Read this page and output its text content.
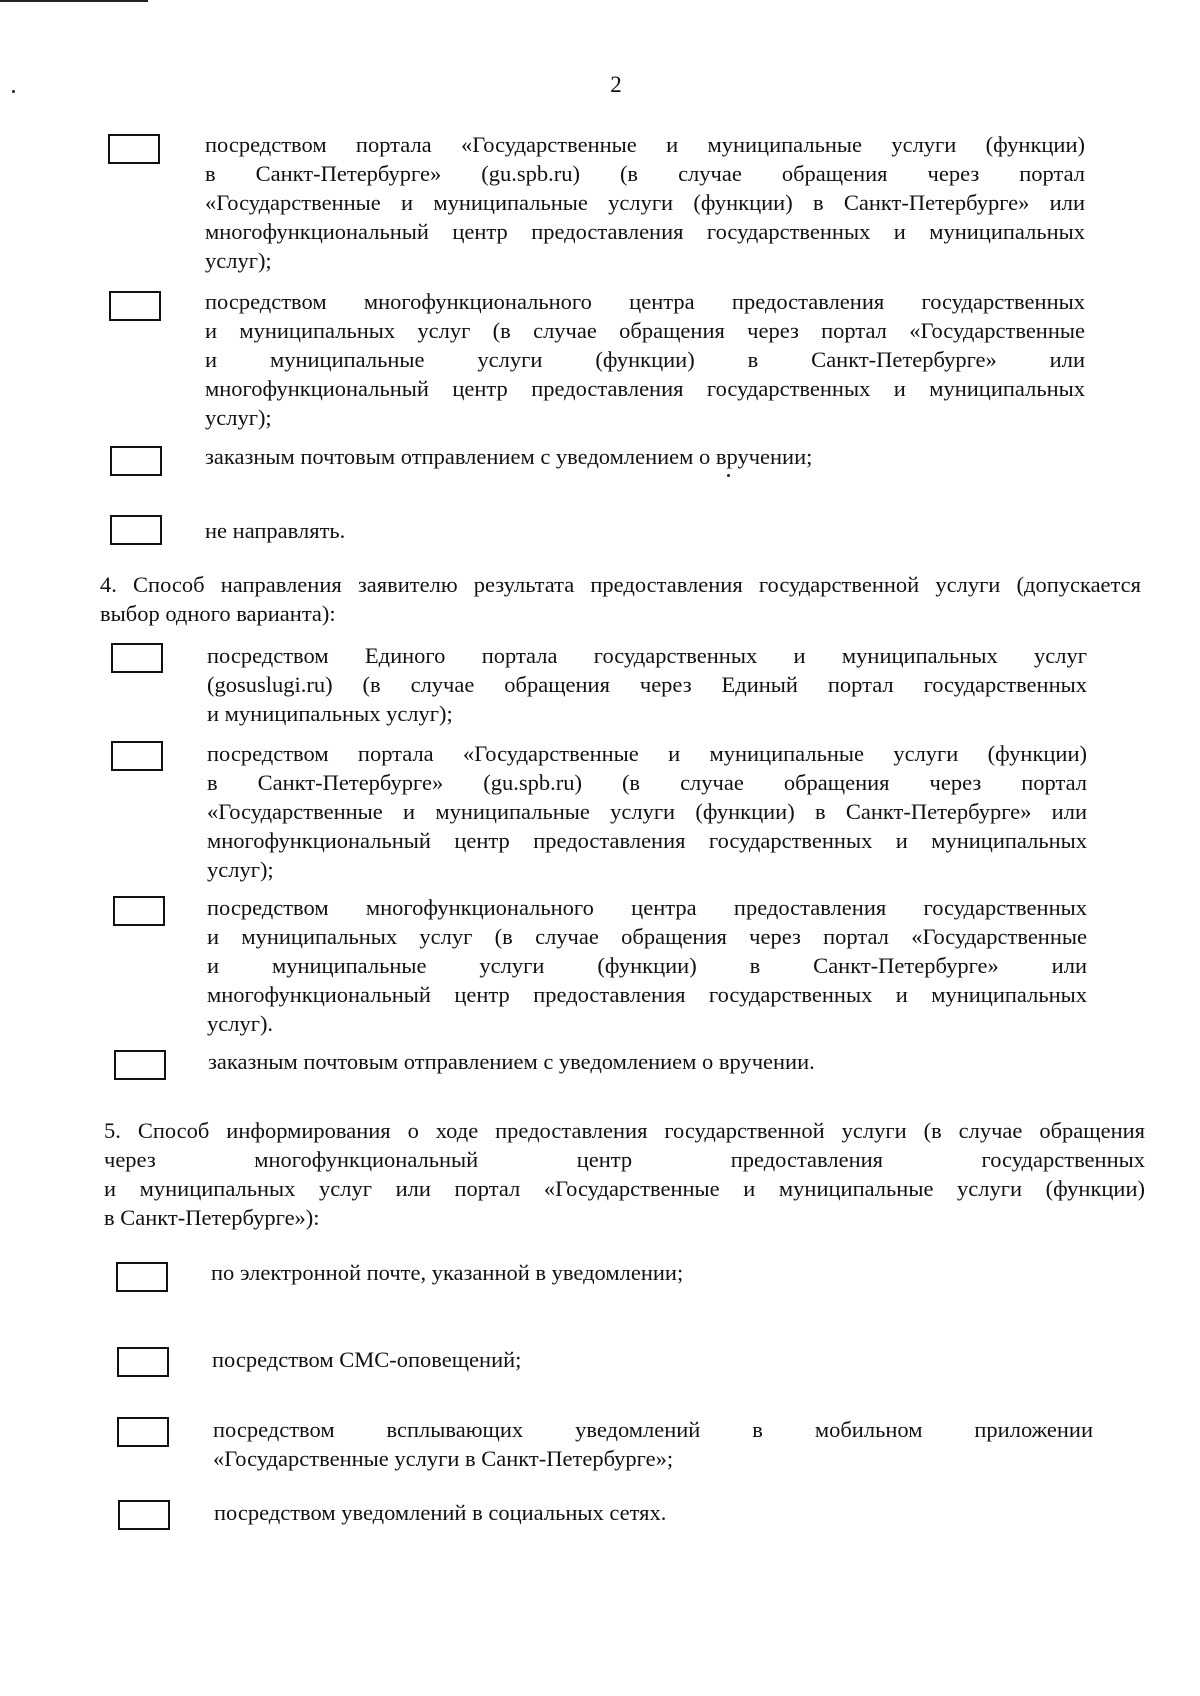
2
посредством портала «Государственные и муниципальные услуги (функции)
в Санкт-Петербурге» (gu.spb.ru) (в случае обращения через портал
«Государственные и муниципальные услуги (функции) в Санкт-Петербурге» или
многофункциональный центр предоставления государственных и муниципальных
услуг);
посредством многофункционального центра предоставления государственных
и муниципальных услуг (в случае обращения через портал «Государственные
и муниципальные услуги (функции) в Санкт-Петербурге» или
многофункциональный центр предоставления государственных и муниципальных
услуг);
заказным почтовым отправлением с уведомлением о вручении;
не направлять.
4. Способ направления заявителю результата предоставления государственной услуги (допускается
выбор одного варианта):
посредством Единого портала государственных и муниципальных услуг
(gosuslugi.ru) (в случае обращения через Единый портал государственных
и муниципальных услуг);
посредством портала «Государственные и муниципальные услуги (функции)
в Санкт-Петербурге» (gu.spb.ru) (в случае обращения через портал
«Государственные и муниципальные услуги (функции) в Санкт-Петербурге» или
многофункциональный центр предоставления государственных и муниципальных
услуг);
посредством многофункционального центра предоставления государственных
и муниципальных услуг (в случае обращения через портал «Государственные
и муниципальные услуги (функции) в Санкт-Петербурге» или
многофункциональный центр предоставления государственных и муниципальных
услуг).
заказным почтовым отправлением с уведомлением о вручении.
5. Способ информирования о ходе предоставления государственной услуги (в случае обращения
через многофункциональный центр предоставления государственных
и муниципальных услуг или портал «Государственные и муниципальные услуги (функции)
в Санкт-Петербурге»):
по электронной почте, указанной в уведомлении;
посредством СМС-оповещений;
посредством всплывающих уведомлений в мобильном приложении
«Государственные услуги в Санкт-Петербурге»;
посредством уведомлений в социальных сетях.
